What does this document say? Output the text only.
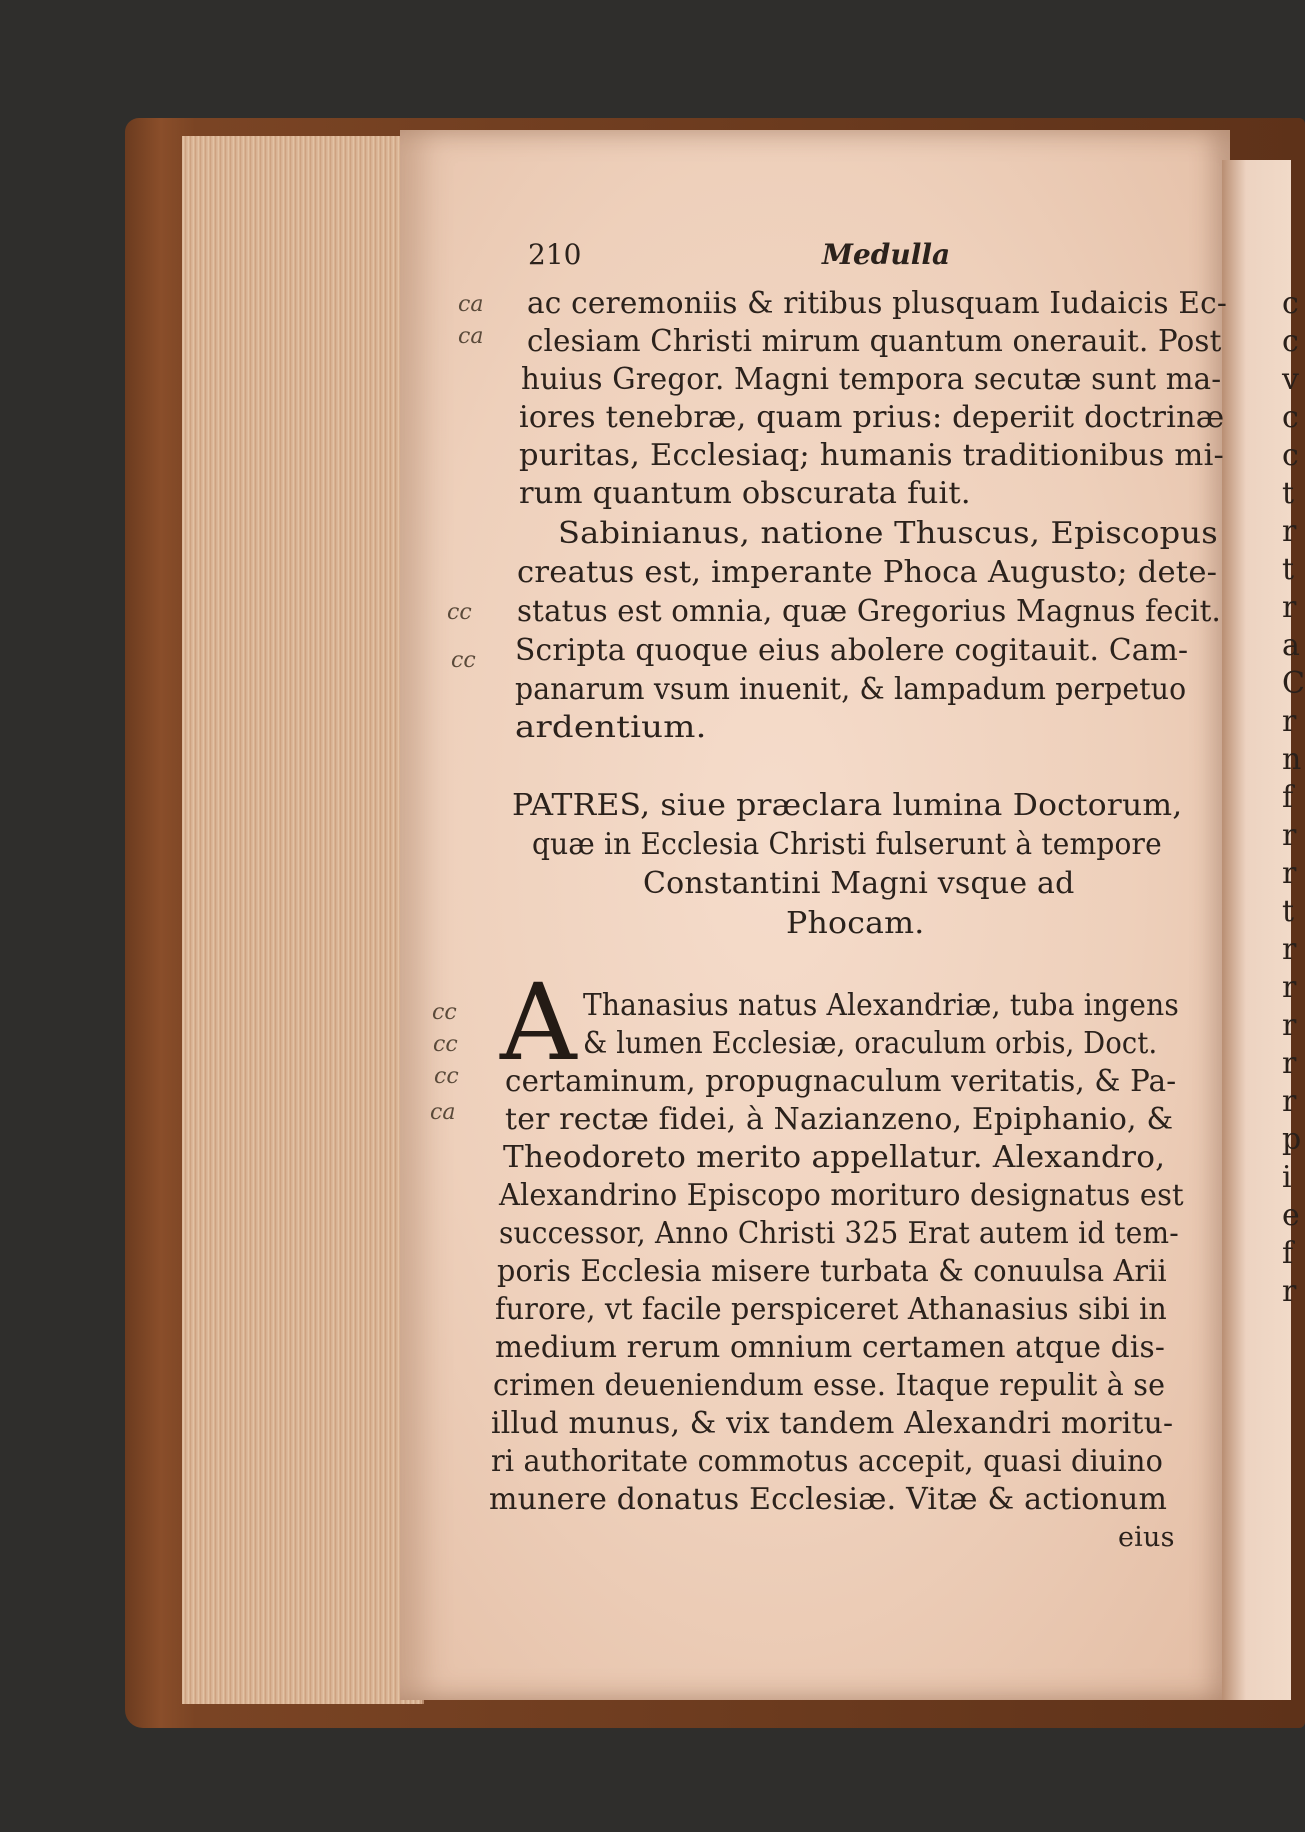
c
c
v
c
c
t
r
t
r
a
C
r
n
f
r
r
t
r
r
r
r
r
p
i
e
f
r
ca
ca
cc
cc
cc
cc
cc
ca
210	Medulla
ac ceremoniis & ritibus plusquam Iudaicis Ec-
clesiam Christi mirum quantum onerauit. Post
huius Gregor. Magni tempora secutæ sunt ma-
iores tenebræ, quam prius: deperiit doctrinæ
puritas, Ecclesiaq; humanis traditionibus mi-
rum quantum obscurata fuit.
Sabinianus, natione Thuscus, Episcopus
creatus est, imperante Phoca Augusto; dete-
status est omnia, quæ Gregorius Magnus fecit.
Scripta quoque eius abolere cogitauit. Cam-
panarum vsum inuenit, & lampadum perpetuo
ardentium.
PATRES, siue præclara lumina Doctorum,
quæ in Ecclesia Christi fulserunt à tempore
Constantini Magni vsque ad
Phocam.
A Thanasius natus Alexandriæ, tuba ingens
& lumen Ecclesiæ, oraculum orbis, Doct.
certaminum, propugnaculum veritatis, & Pa-
ter rectæ fidei, à Nazianzeno, Epiphanio, &
Theodoreto merito appellatur. Alexandro,
Alexandrino Episcopo morituro designatus est
successor, Anno Christi 325 Erat autem id tem-
poris Ecclesia misere turbata & conuulsa Arii
furore, vt facile perspiceret Athanasius sibi in
medium rerum omnium certamen atque dis-
crimen deueniendum esse. Itaque repulit à se
illud munus, & vix tandem Alexandri moritu-
ri authoritate commotus accepit, quasi diuino
munere donatus Ecclesiæ. Vitæ & actionum
eius
